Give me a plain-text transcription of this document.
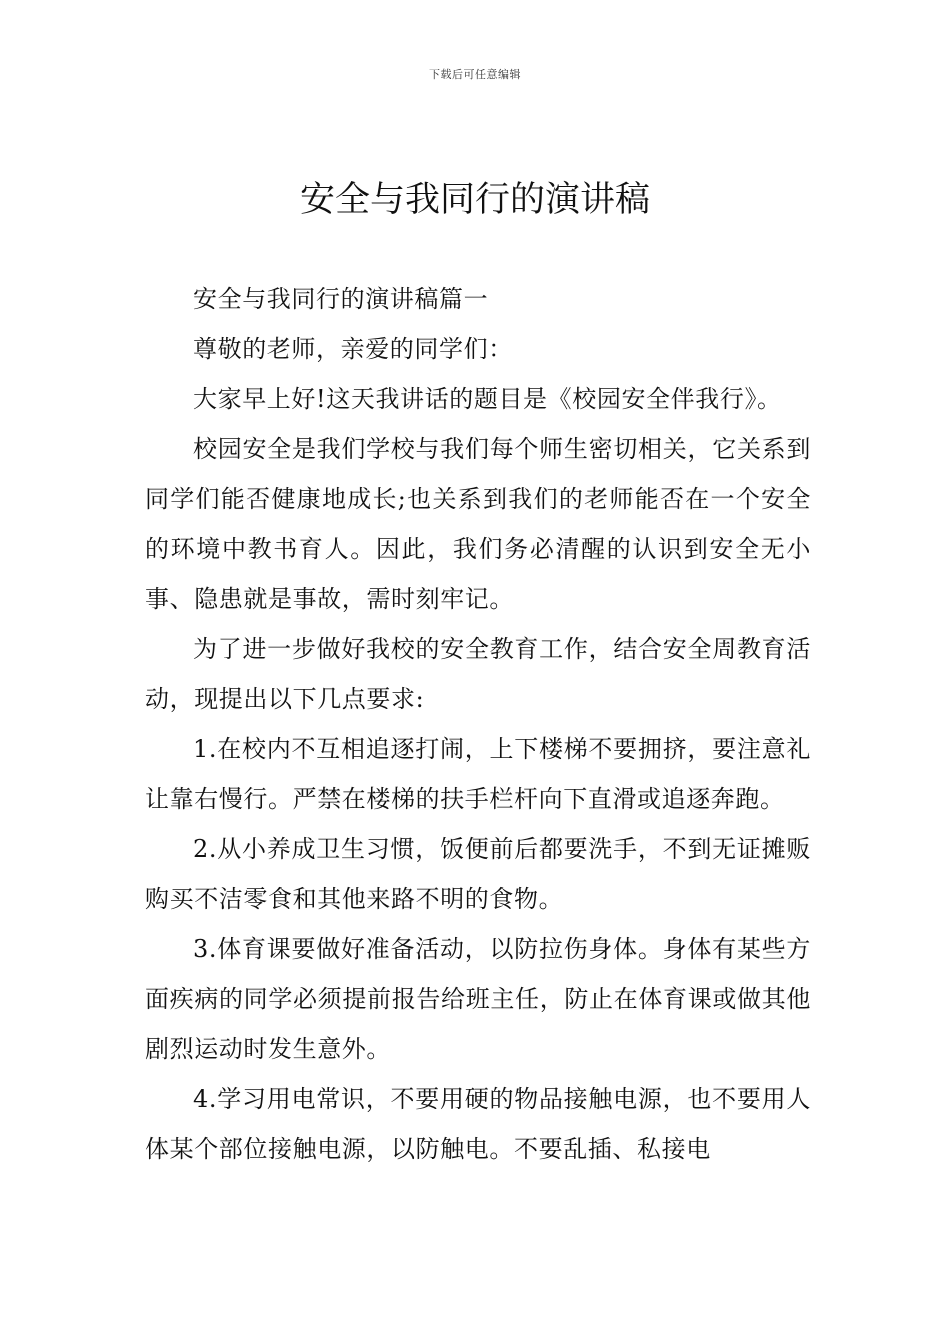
下载后可任意编辑
安全与我同行的演讲稿

安全与我同行的演讲稿篇一

尊敬的老师，亲爱的同学们：

大家早上好!这天我讲话的题目是《校园安全伴我行》。

校园安全是我们学校与我们每个师生密切相关，它关系到同学们能否健康地成长;也关系到我们的老师能否在一个安全的环境中教书育人。因此，我们务必清醒的认识到安全无小事、隐患就是事故，需时刻牢记。

为了进一步做好我校的安全教育工作，结合安全周教育活动，现提出以下几点要求:

1.在校内不互相追逐打闹，上下楼梯不要拥挤，要注意礼让靠右慢行。严禁在楼梯的扶手栏杆向下直滑或追逐奔跑。

2.从小养成卫生习惯，饭便前后都要洗手，不到无证摊贩购买不洁零食和其他来路不明的食物。

3.体育课要做好准备活动，以防拉伤身体。身体有某些方面疾病的同学必须提前报告给班主任，防止在体育课或做其他剧烈运动时发生意外。

4.学习用电常识，不要用硬的物品接触电源，也不要用人体某个部位接触电源，以防触电。不要乱插、私接电
